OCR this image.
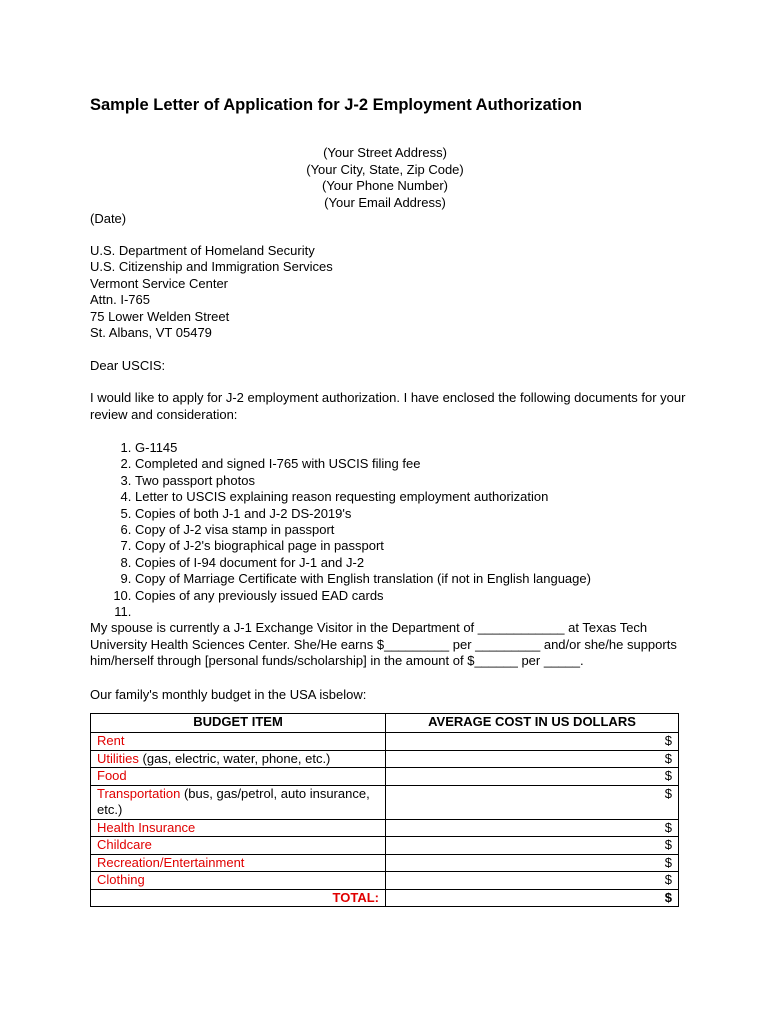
Sample Letter of Application for J-2 Employment Authorization
(Your Street Address)
(Your City, State, Zip Code)
(Your Phone Number)
(Your Email Address)
(Date)
U.S. Department of Homeland Security
U.S. Citizenship and Immigration Services
Vermont Service Center
Attn. I-765
75 Lower Welden Street
St. Albans, VT 05479
Dear USCIS:
I would like to apply for J-2 employment authorization. I have enclosed the following documents for your review and consideration:
1. G-1145
2. Completed and signed I-765 with USCIS filing fee
3. Two passport photos
4. Letter to USCIS explaining reason requesting employment authorization
5. Copies of both J-1 and J-2 DS-2019's
6. Copy of J-2 visa stamp in passport
7. Copy of J-2's biographical page in passport
8. Copies of I-94 document for J-1 and J-2
9. Copy of Marriage Certificate with English translation (if not in English language)
10. Copies of any previously issued EAD cards
11.
My spouse is currently a J-1 Exchange Visitor in the Department of ____________ at Texas Tech University Health Sciences Center. She/He earns $_________ per _________ and/or she/he supports him/herself through [personal funds/scholarship] in the amount of $______ per _____.
Our family's monthly budget in the USA isbelow:
BUDGET ITEM	AVERAGE COST IN US DOLLARS
Rent	$
Utilities (gas, electric, water, phone, etc.)	$
Food	$
Transportation (bus, gas/petrol, auto insurance, etc.)	$
Health Insurance	$
Childcare	$
Recreation/Entertainment	$
Clothing	$
TOTAL:	$
